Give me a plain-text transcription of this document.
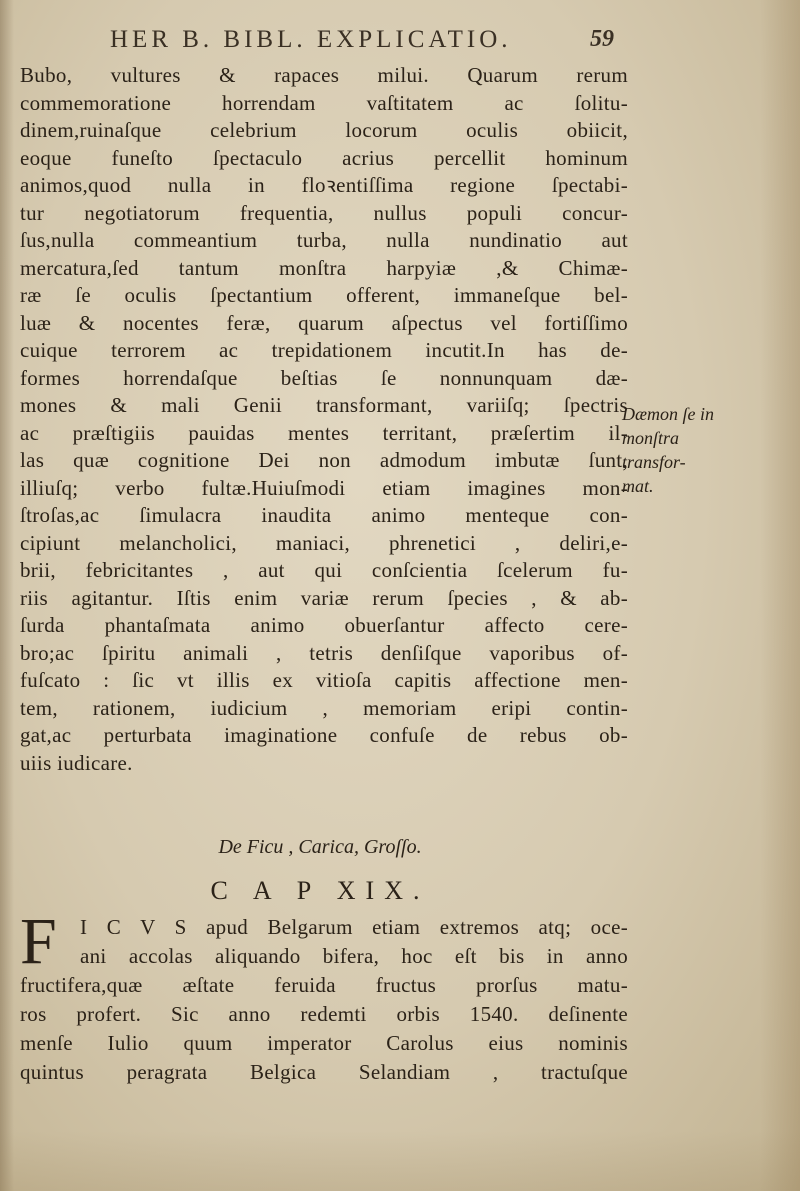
HER B. BIBL. EXPLICATIO.	59
Bubo, vultures & rapaces milui. Quarum rerum
commemoratione horrendam vaſtitatem ac ſolitu-
dinem,ruinaſque celebrium locorum oculis obiicit,
eoque funeſto ſpectaculo acrius percellit hominum
animos,quod nulla in floꝛentiſſima regione ſpectabi-
tur negotiatorum frequentia, nullus populi concur-
ſus,nulla commeantium turba, nulla nundinatio aut
mercatura,ſed tantum monſtra harpyiæ ,& Chimæ-
ræ ſe oculis ſpectantium offerent, immaneſque bel-
luæ & nocentes feræ, quarum aſpectus vel fortiſſimo
cuique terrorem ac trepidationem incutit.In has de-
formes horrendaſque beſtias ſe nonnunquam dæ-
mones & mali Genii transformant, variiſq; ſpectris
ac præſtigiis pauidas mentes territant, præſertim il-
las quæ cognitione Dei non admodum imbutæ ſunt,
illiuſq; verbo fultæ.Huiuſmodi etiam imagines mon-
ſtroſas,ac ſimulacra inaudita animo menteque con-
cipiunt melancholici, maniaci, phrenetici , deliri,e-
brii, febricitantes , aut qui conſcientia ſcelerum fu-
riis agitantur. Iſtis enim variæ rerum ſpecies , & ab-
ſurda phantaſmata animo obuerſantur affecto cere-
bro;ac ſpiritu animali , tetris denſiſque vaporibus of-
fuſcato : ſic vt illis ex vitioſa capitis affectione men-
tem, rationem, iudicium , memoriam eripi contin-
gat,ac perturbata imaginatione confuſe de rebus ob-
uiis iudicare.
Dæmon ſe in
monſtra
transfor-
mat.
De Ficu , Carica, Groſſo.
C A P XIX.
F	I C V S apud Belgarum etiam extremos atq; oce-
ani accolas aliquando bifera, hoc eſt bis in anno
fructifera,quæ æſtate feruida fructus prorſus matu-
ros profert. Sic anno redemti orbis 1540. deſinente
menſe Iulio quum imperator Carolus eius nominis
quintus peragrata Belgica Selandiam , tractuſque
